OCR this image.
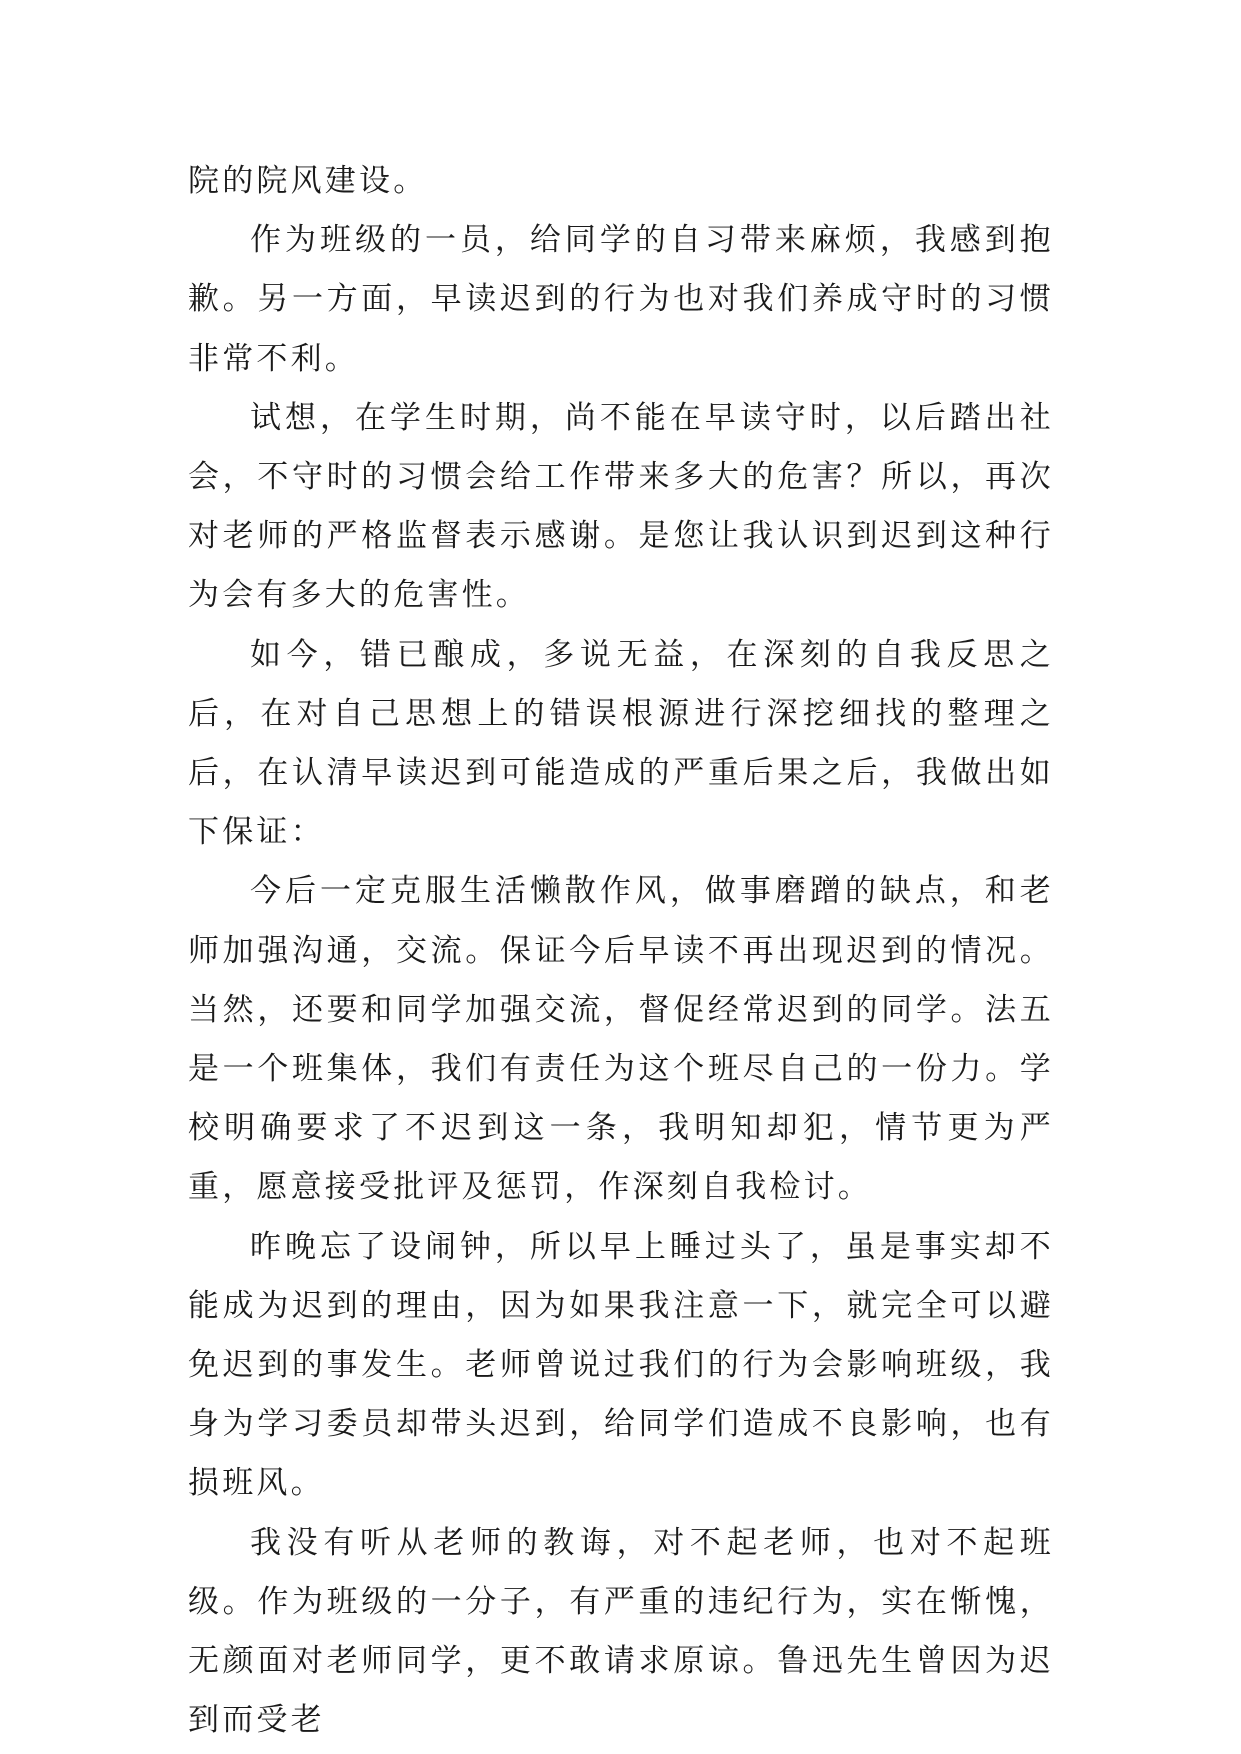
院的院风建设。

作为班级的一员，给同学的自习带来麻烦，我感到抱歉。另一方面，早读迟到的行为也对我们养成守时的习惯非常不利。

试想，在学生时期，尚不能在早读守时，以后踏出社会，不守时的习惯会给工作带来多大的危害？所以，再次对老师的严格监督表示感谢。是您让我认识到迟到这种行为会有多大的危害性。

如今，错已酿成，多说无益，在深刻的自我反思之后，在对自己思想上的错误根源进行深挖细找的整理之后，在认清早读迟到可能造成的严重后果之后，我做出如下保证：

今后一定克服生活懒散作风，做事磨蹭的缺点，和老师加强沟通，交流。保证今后早读不再出现迟到的情况。当然，还要和同学加强交流，督促经常迟到的同学。法五是一个班集体，我们有责任为这个班尽自己的一份力。学校明确要求了不迟到这一条，我明知却犯，情节更为严重，愿意接受批评及惩罚，作深刻自我检讨。

昨晚忘了设闹钟，所以早上睡过头了，虽是事实却不能成为迟到的理由，因为如果我注意一下，就完全可以避免迟到的事发生。老师曾说过我们的行为会影响班级，我身为学习委员却带头迟到，给同学们造成不良影响，也有损班风。

我没有听从老师的教诲，对不起老师，也对不起班级。作为班级的一分子，有严重的违纪行为，实在惭愧，无颜面对老师同学，更不敢请求原谅。鲁迅先生曾因为迟到而受老
